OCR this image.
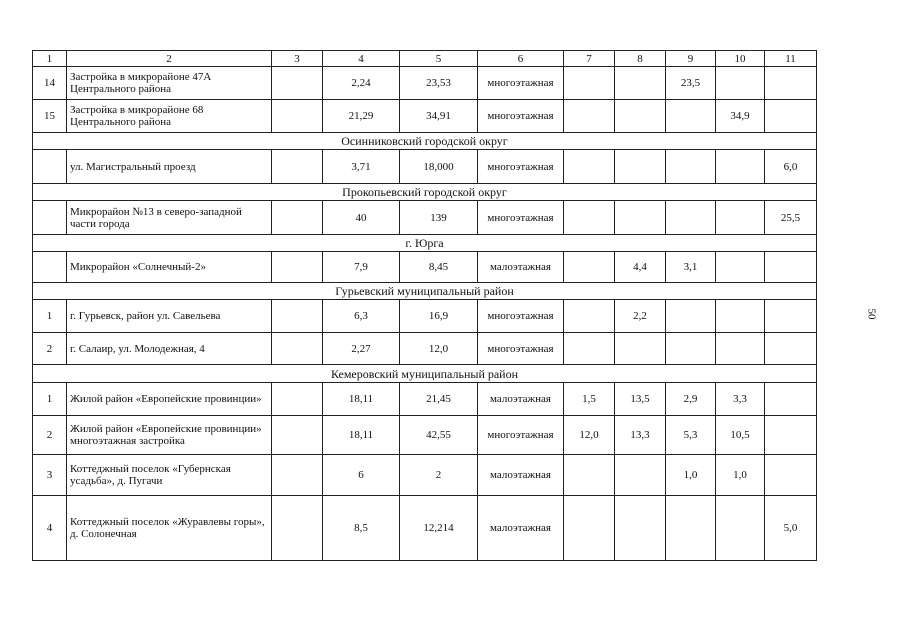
1	2	3	4	5	6	7	8	9	10	11
14	Застройка в микрорайоне 47А Центрального района		2,24	23,53	многоэтажная			23,5		
15	Застройка в микрорайоне 68 Центрального района		21,29	34,91	многоэтажная				34,9	
Осинниковский городской округ										
	ул. Магистральный проезд		3,71	18,000	многоэтажная					6,0
Прокопьевский городской округ										
	Микрорайон №13 в северо-западной части города		40	139	многоэтажная					25,5
г. Юрга										
	Микрорайон «Солнечный-2»		7,9	8,45	малоэтажная		4,4	3,1		
Гурьевский муниципальный район										
1	г. Гурьевск, район ул. Савельева		6,3	16,9	многоэтажная		2,2			
2	г. Салаир, ул. Молодежная, 4		2,27	12,0	многоэтажная					
Кемеровский муниципальный район										
1	Жилой район «Европейские провинции»		18,11	21,45	малоэтажная	1,5	13,5	2,9	3,3	
2	Жилой район «Европейские провинции» многоэтажная застройка		18,11	42,55	многоэтажная	12,0	13,3	5,3	10,5	
3	Коттеджный поселок «Губернская усадьба», д. Пугачи		6	2	малоэтажная			1,0	1,0	
4	Коттеджный поселок «Журавлевы горы», д. Солонечная		8,5	12,214	малоэтажная					5,0
50
